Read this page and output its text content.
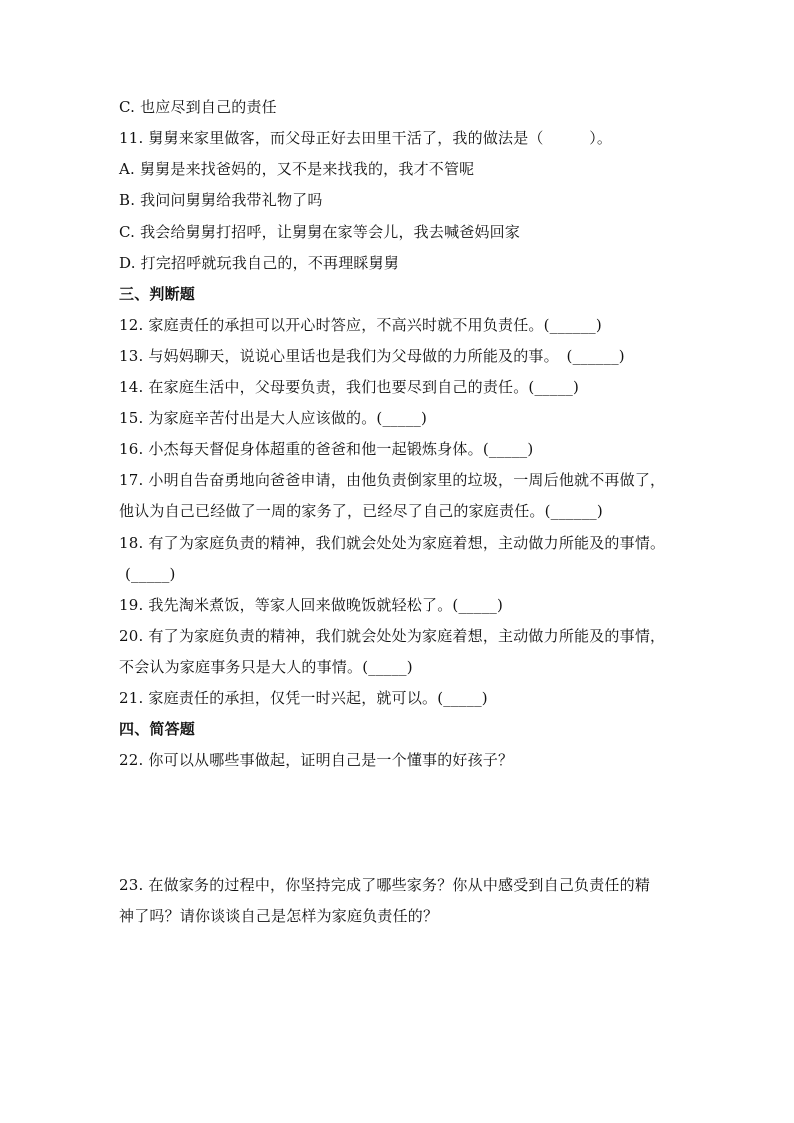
C. 也应尽到自己的责任
11. 舅舅来家里做客，而父母正好去田里干活了，我的做法是（　　　）。
A. 舅舅是来找爸妈的，又不是来找我的，我才不管呢
B. 我问问舅舅给我带礼物了吗
C. 我会给舅舅打招呼，让舅舅在家等会儿，我去喊爸妈回家
D. 打完招呼就玩我自己的，不再理睬舅舅
三、判断题
12. 家庭责任的承担可以开心时答应，不高兴时就不用负责任。(______)
13. 与妈妈聊天，说说心里话也是我们为父母做的力所能及的事。　(______)
14. 在家庭生活中，父母要负责，我们也要尽到自己的责任。(_____)
15. 为家庭辛苦付出是大人应该做的。(_____)
16. 小杰每天督促身体超重的爸爸和他一起锻炼身体。(_____)
17. 小明自告奋勇地向爸爸申请，由他负责倒家里的垃圾，一周后他就不再做了，
他认为自己已经做了一周的家务了，已经尽了自己的家庭责任。(______)
18. 有了为家庭负责的精神，我们就会处处为家庭着想，主动做力所能及的事情。
(_____)
19. 我先淘米煮饭，等家人回来做晚饭就轻松了。(_____)
20. 有了为家庭负责的精神，我们就会处处为家庭着想，主动做力所能及的事情，
不会认为家庭事务只是大人的事情。(_____)
21. 家庭责任的承担，仅凭一时兴起，就可以。(_____)
四、简答题
22. 你可以从哪些事做起，证明自己是一个懂事的好孩子？
23. 在做家务的过程中，你坚持完成了哪些家务？你从中感受到自己负责任的精
神了吗？请你谈谈自己是怎样为家庭负责任的？
